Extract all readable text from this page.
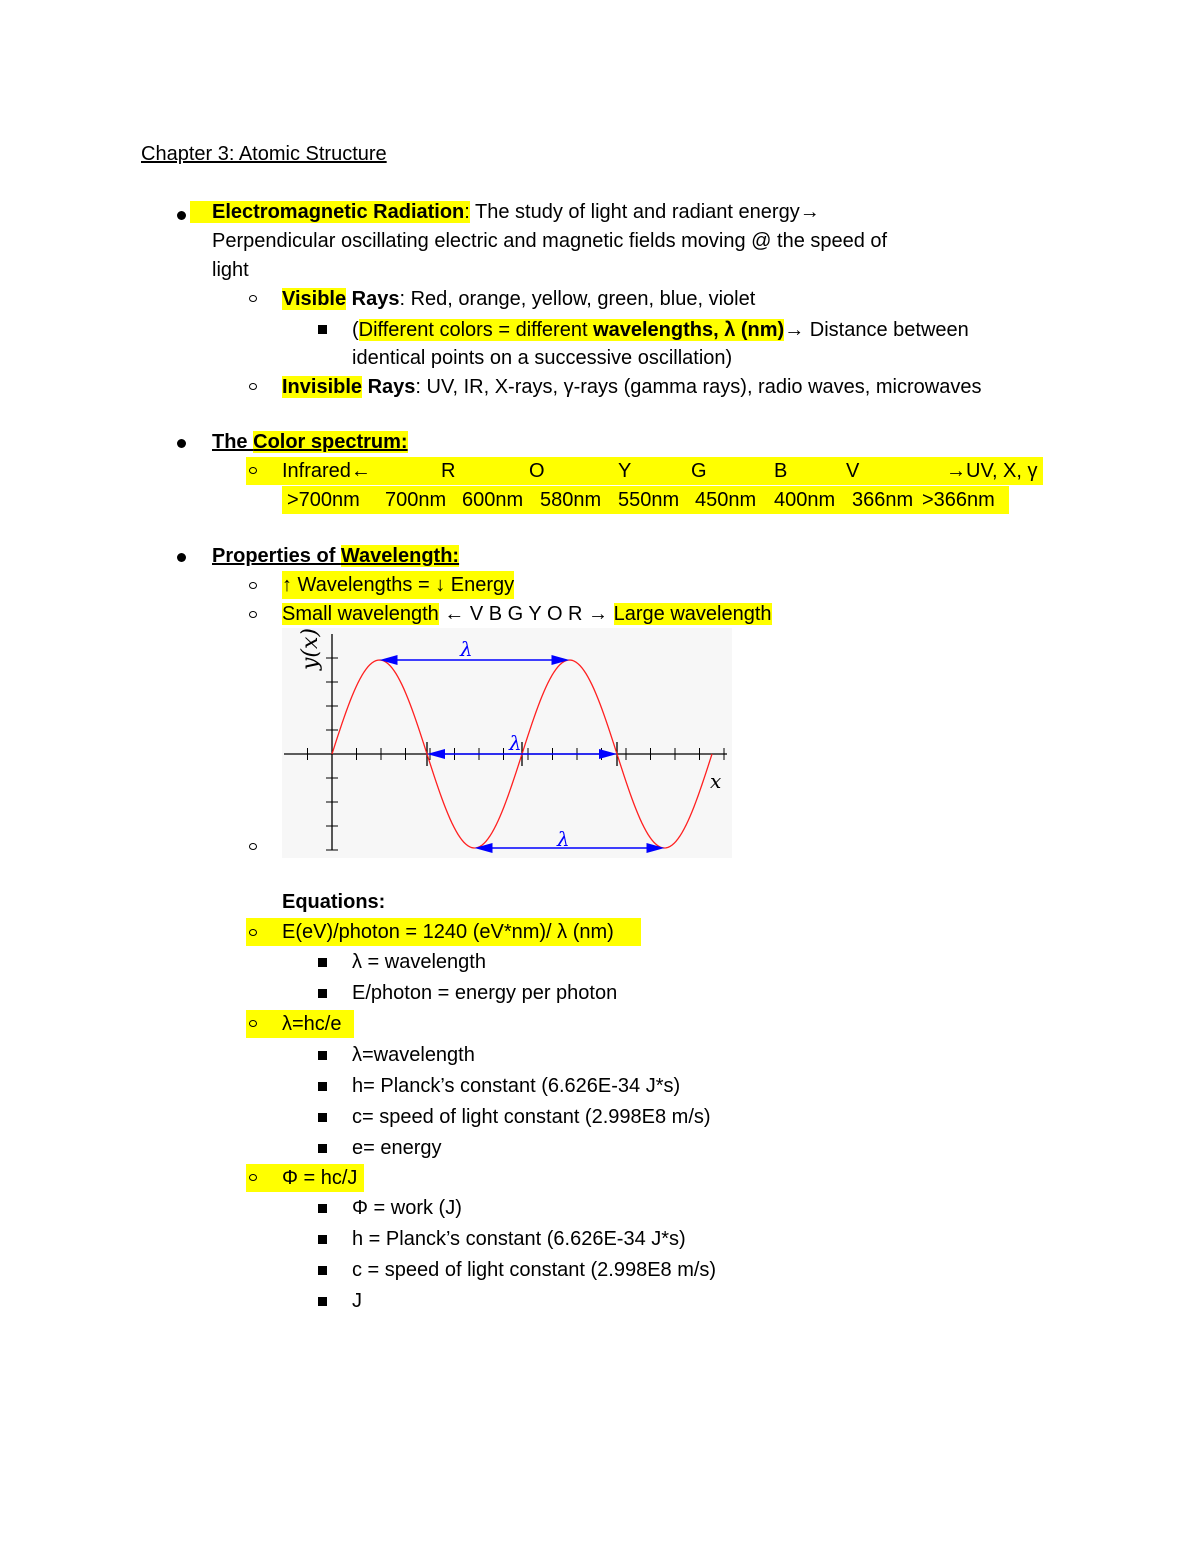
Chapter 3: Atomic Structure
Electromagnetic Radiation: The study of light and radiant energy→
Perpendicular oscillating electric and magnetic fields moving @ the speed of
light
Visible Rays: Red, orange, yellow, green, blue, violet
(Different colors = different wavelengths, λ (nm)→ Distance between
identical points on a successive oscillation)
Invisible Rays: UV, IR, X-rays, γ-rays (gamma rays), radio waves, microwaves
The Color spectrum:
Infrared←	R	O	Y	G	B	V	→UV, X, γ
>700nm 700nm 600nm 580nm 550nm 450nm 400nm 366nm >366nm
Properties of Wavelength:
↑ Wavelengths = ↓ Energy
Small wavelength ← V B G Y O R → Large wavelength
y(x)
x
λ
λ
λ
Equations:
E(eV)/photon = 1240 (eV*nm)/ λ (nm)
λ = wavelength
E/photon = energy per photon
λ=hc/e
λ=wavelength
h= Planck’s constant (6.626E-34 J*s)
c= speed of light constant (2.998E8 m/s)
e= energy
Φ = hc/J
Φ = work (J)
h = Planck’s constant (6.626E-34 J*s)
c = speed of light constant (2.998E8 m/s)
J
